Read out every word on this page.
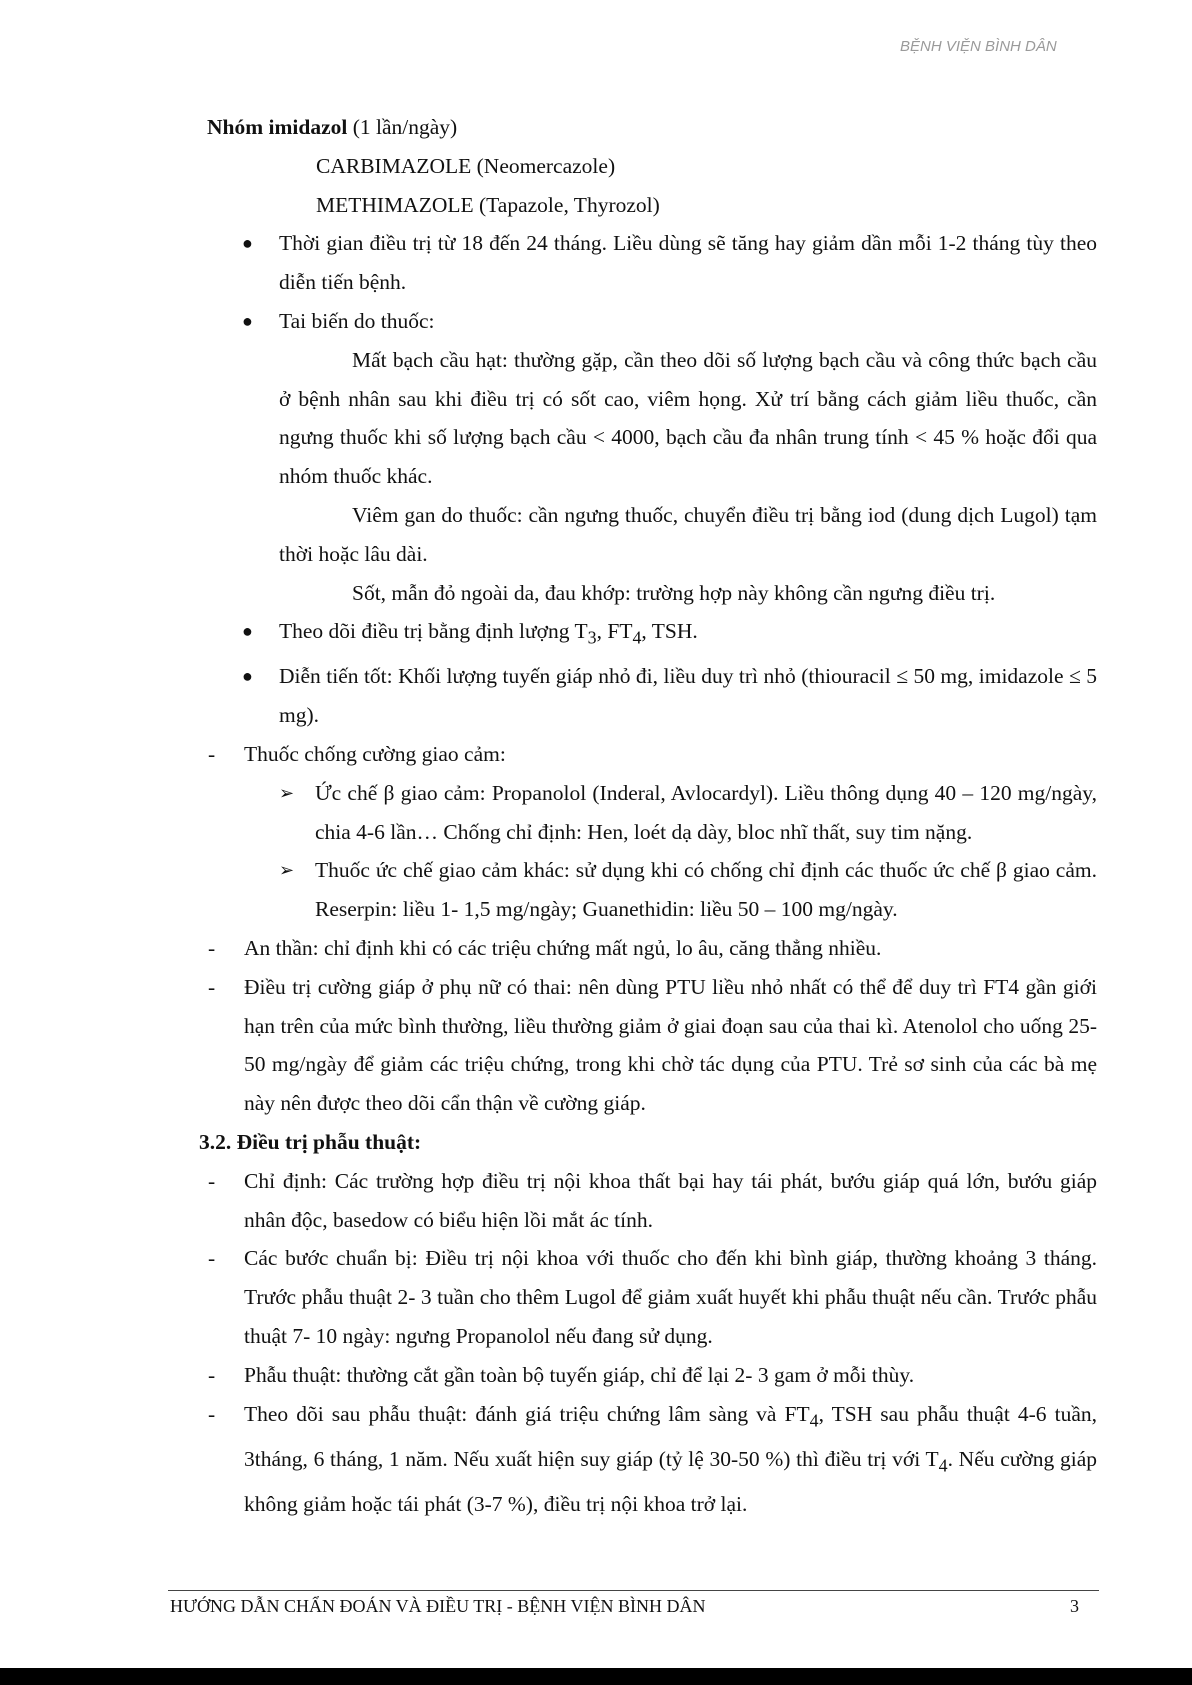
BỆNH VIỆN BÌNH DÂN

Nhóm imidazol (1 lần/ngày)

CARBIMAZOLE (Neomercazole)

METHIMAZOLE (Tapazole, Thyrozol)

● Thời gian điều trị từ 18 đến 24 tháng. Liều dùng sẽ tăng hay giảm dần mỗi 1-2 tháng tùy theo diễn tiến bệnh.

● Tai biến do thuốc:

Mất bạch cầu hạt: thường gặp, cần theo dõi số lượng bạch cầu và công thức bạch cầu ở bệnh nhân sau khi điều trị có sốt cao, viêm họng. Xử trí bằng cách giảm liều thuốc, cần ngưng thuốc khi số lượng bạch cầu < 4000, bạch cầu đa nhân trung tính < 45 % hoặc đổi qua nhóm thuốc khác.

Viêm gan do thuốc: cần ngưng thuốc, chuyển điều trị bằng iod (dung dịch Lugol) tạm thời hoặc lâu dài.

Sốt, mẫn đỏ ngoài da, đau khớp: trường hợp này không cần ngưng điều trị.

● Theo dõi điều trị bằng định lượng $T_3$, $FT_4$, TSH.

● Diễn tiến tốt: Khối lượng tuyến giáp nhỏ đi, liều duy trì nhỏ (thiouracil ≤ 50 mg, imidazole ≤ 5 mg).

- Thuốc chống cường giao cảm:

➢ Ức chế β giao cảm: Propanolol (Inderal, Avlocardyl). Liều thông dụng 40 – 120 mg/ngày, chia 4-6 lần… Chống chỉ định: Hen, loét dạ dày, bloc nhĩ thất, suy tim nặng.

➢ Thuốc ức chế giao cảm khác: sử dụng khi có chống chỉ định các thuốc ức chế β giao cảm. Reserpin: liều 1- 1,5 mg/ngày; Guanethidin: liều 50 – 100 mg/ngày.

- An thần: chỉ định khi có các triệu chứng mất ngủ, lo âu, căng thẳng nhiều.

- Điều trị cường giáp ở phụ nữ có thai: nên dùng PTU liều nhỏ nhất có thể để duy trì FT4 gần giới hạn trên của mức bình thường, liều thường giảm ở giai đoạn sau của thai kì. Atenolol cho uống 25- 50 mg/ngày để giảm các triệu chứng, trong khi chờ tác dụng của PTU. Trẻ sơ sinh của các bà mẹ này nên được theo dõi cẩn thận về cường giáp.

3.2. Điều trị phẫu thuật:

- Chỉ định: Các trường hợp điều trị nội khoa thất bại hay tái phát, bướu giáp quá lớn, bướu giáp nhân độc, basedow có biểu hiện lồi mắt ác tính.

- Các bước chuẩn bị: Điều trị nội khoa với thuốc cho đến khi bình giáp, thường khoảng 3 tháng. Trước phẫu thuật 2- 3 tuần cho thêm Lugol để giảm xuất huyết khi phẫu thuật nếu cần. Trước phẫu thuật 7- 10 ngày: ngưng Propanolol nếu đang sử dụng.

- Phẫu thuật: thường cắt gần toàn bộ tuyến giáp, chỉ để lại 2- 3 gam ở mỗi thùy.

- Theo dõi sau phẫu thuật: đánh giá triệu chứng lâm sàng và $FT_4$, TSH sau phẫu thuật 4-6 tuần, 3tháng, 6 tháng, 1 năm. Nếu xuất hiện suy giáp (tỷ lệ 30-50 %) thì điều trị với $T_4$. Nếu cường giáp không giảm hoặc tái phát (3-7 %), điều trị nội khoa trở lại.

HƯỚNG DẪN CHẨN ĐOÁN VÀ ĐIỀU TRỊ - BỆNH VIỆN BÌNH DÂN	3
